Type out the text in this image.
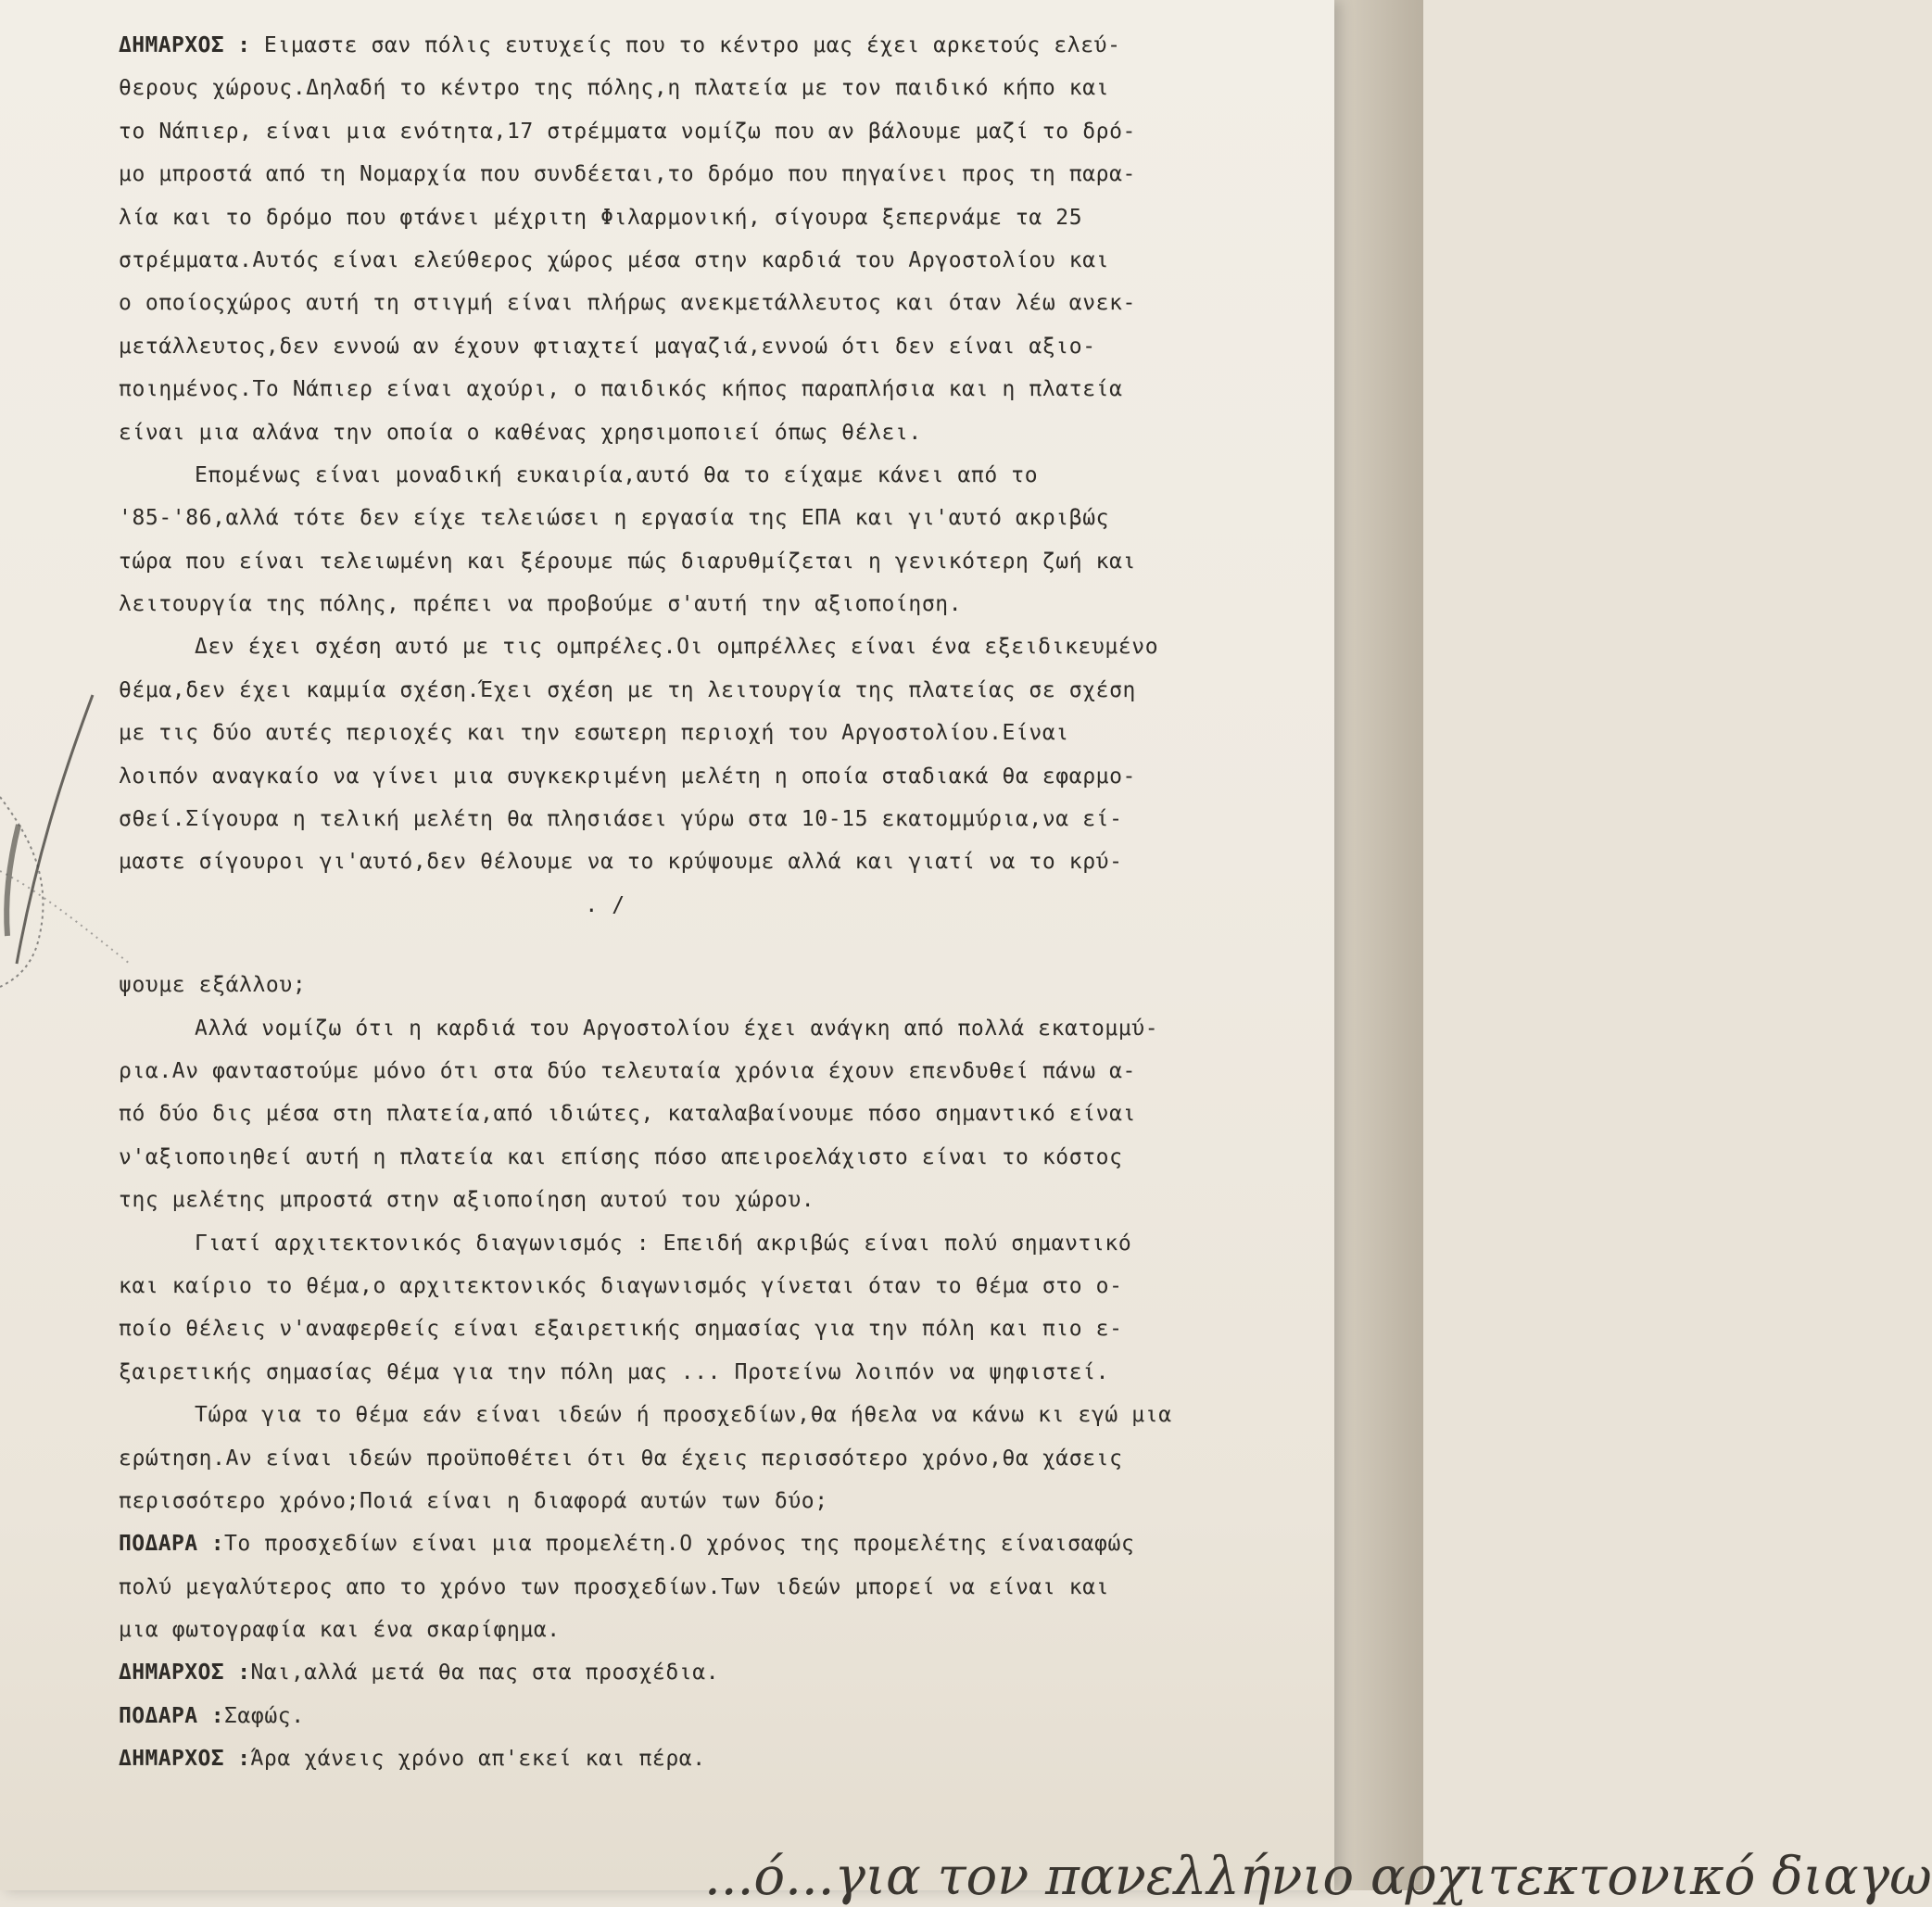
ΔΗΜΑΡΧΟΣ : Ειμαστε σαν πόλις ευτυχείς που το κέντρο μας έχει αρκετούς ελεύ-
θερους χώρους.Δηλαδή το κέντρο της πόλης,η πλατεία με τον παιδικό κήπο και
το Νάπιερ, είναι μια ενότητα,17 στρέμματα νομίζω που αν βάλουμε μαζί το δρό-
μο μπροστά από τη Νομαρχία που συνδέεται,το δρόμο που πηγαίνει προς τη παρα-
λία και το δρόμο που φτάνει μέχριτη Φιλαρμονική, σίγουρα ξεπερνάμε τα 25
στρέμματα.Αυτός είναι ελεύθερος χώρος μέσα στην καρδιά του Αργοστολίου και
ο οποίοςχώρος αυτή τη στιγμή είναι πλήρως ανεκμετάλλευτος και όταν λέω ανεκ-
μετάλλευτος,δεν εννοώ αν έχουν φτιαχτεί μαγαζιά,εννοώ ότι δεν είναι αξιο-
ποιημένος.Το Νάπιερ είναι αχούρι, ο παιδικός κήπος παραπλήσια και η πλατεία
είναι μια αλάνα την οποία ο καθένας χρησιμοποιεί όπως θέλει.
Επομένως είναι μοναδική ευκαιρία,αυτό θα το είχαμε κάνει από το
'85-'86,αλλά τότε δεν είχε τελειώσει η εργασία της ΕΠΑ και γι'αυτό ακριβώς
τώρα που είναι τελειωμένη και ξέρουμε πώς διαρυθμίζεται η γενικότερη ζωή και
λειτουργία της πόλης, πρέπει να προβούμε σ'αυτή την αξιοποίηση.
Δεν έχει σχέση αυτό με τις ομπρέλες.Οι ομπρέλλες είναι ένα εξειδικευμένο
θέμα,δεν έχει καμμία σχέση.Έχει σχέση με τη λειτουργία της πλατείας σε σχέση
με τις δύο αυτές περιοχές και την εσωτερη περιοχή του Αργοστολίου.Είναι
λοιπόν αναγκαίο να γίνει μια συγκεκριμένη μελέτη η οποία σταδιακά θα εφαρμο-
σθεί.Σίγουρα η τελική μελέτη θα πλησιάσει γύρω στα 10-15 εκατομμύρια,να εί-
μαστε σίγουροι γι'αυτό,δεν θέλουμε να το κρύψουμε αλλά και γιατί να το κρύ-
. /
ψουμε εξάλλου;
Αλλά νομίζω ότι η καρδιά του Αργοστολίου έχει ανάγκη από πολλά εκατομμύ-
ρια.Αν φανταστούμε μόνο ότι στα δύο τελευταία χρόνια έχουν επενδυθεί πάνω α-
πό δύο δις μέσα στη πλατεία,από ιδιώτες, καταλαβαίνουμε πόσο σημαντικό είναι
ν'αξιοποιηθεί αυτή η πλατεία και επίσης πόσο απειροελάχιστο είναι το κόστος
της μελέτης μπροστά στην αξιοποίηση αυτού του χώρου.
Γιατί αρχιτεκτονικός διαγωνισμός : Επειδή ακριβώς είναι πολύ σημαντικό
και καίριο το θέμα,ο αρχιτεκτονικός διαγωνισμός γίνεται όταν το θέμα στο ο-
ποίο θέλεις ν'αναφερθείς είναι εξαιρετικής σημασίας για την πόλη και πιο ε-
ξαιρετικής σημασίας θέμα για την πόλη μας ... Προτείνω λοιπόν να ψηφιστεί.
Τώρα για το θέμα εάν είναι ιδεών ή προσχεδίων,θα ήθελα να κάνω κι εγώ μια
ερώτηση.Αν είναι ιδεών προϋποθέτει ότι θα έχεις περισσότερο χρόνο,θα χάσεις
περισσότερο χρόνο;Ποιά είναι η διαφορά αυτών των δύο;
ΠΟΔΑΡΑ :Το προσχεδίων είναι μια προμελέτη.Ο χρόνος της προμελέτης είναισαφώς
πολύ μεγαλύτερος απο το χρόνο των προσχεδίων.Των ιδεών μπορεί να είναι και
μια φωτογραφία και ένα σκαρίφημα.
ΔΗΜΑΡΧΟΣ :Ναι,αλλά μετά θα πας στα προσχέδια.
ΠΟΔΑΡΑ :Σαφώς.
ΔΗΜΑΡΧΟΣ :Άρα χάνεις χρόνο απ'εκεί και πέρα.
...ό...για τον πανελλήνιο αρχιτεκτονικό διαγω
